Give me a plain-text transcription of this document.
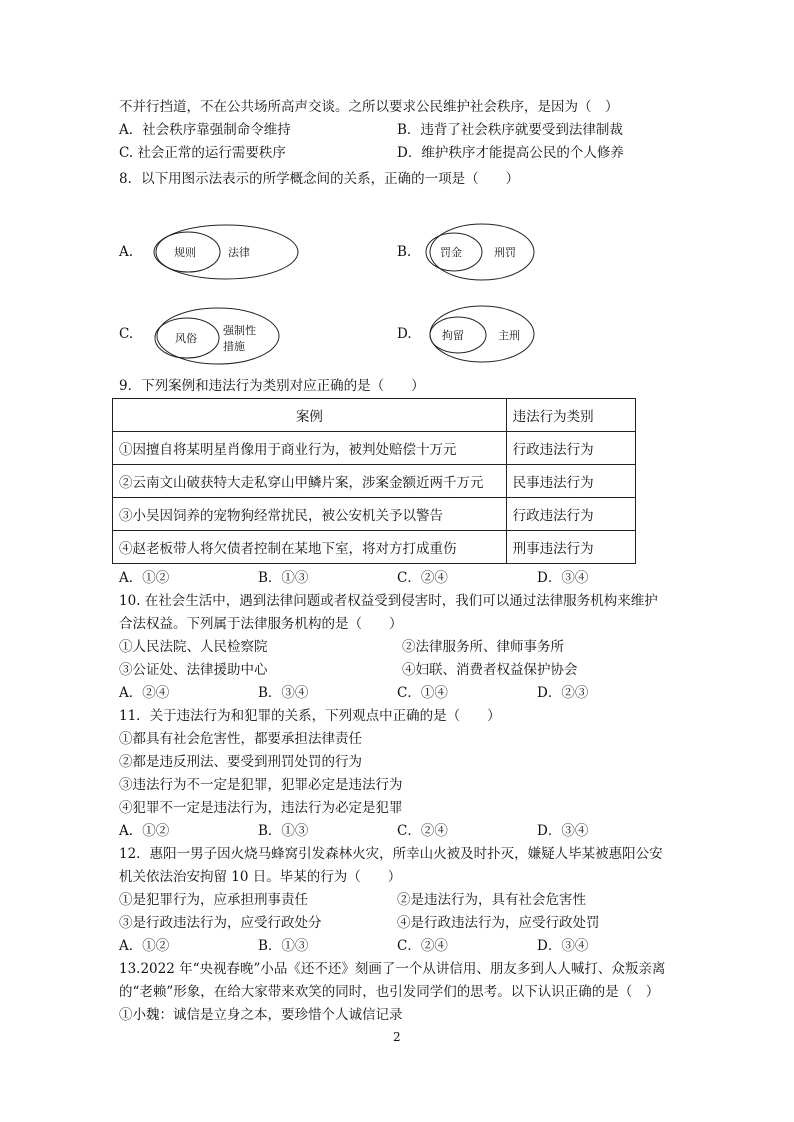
不并行挡道，不在公共场所高声交谈。之所以要求公民维护社会秩序，是因为（　）
A．社会秩序靠强制命令维持	B．违背了社会秩序就要受到法律制裁
C. 社会正常的运行需要秩序	D．维护秩序才能提高公民的个人修养
8．以下用图示法表示的所学概念间的关系，正确的一项是（　　）
A.	规则	法律	B.	罚金	刑罚
C.	风俗
强制性
措施
D.	拘留	主刑
9．下列案例和违法行为类别对应正确的是（　　）
案例	违法行为类别
①因擅自将某明星肖像用于商业行为，被判处赔偿十万元	行政违法行为
②云南文山破获特大走私穿山甲鳞片案，涉案金额近两千万元	民事违法行为
③小吴因饲养的宠物狗经常扰民，被公安机关予以警告	行政违法行为
④赵老板带人将欠债者控制在某地下室，将对方打成重伤	刑事违法行为
A．①②	B．①③	C．②④	D．③④
10. 在社会生活中，遇到法律问题或者权益受到侵害时，我们可以通过法律服务机构来维护
合法权益。下列属于法律服务机构的是（　　）
①人民法院、人民检察院	②法律服务所、律师事务所
③公证处、法律援助中心	④妇联、消费者权益保护协会
A．②④	B．③④	C．①④	D．②③
11．关于违法行为和犯罪的关系，下列观点中正确的是（　　）
①都具有社会危害性，都要承担法律责任
②都是违反刑法、要受到刑罚处罚的行为
③违法行为不一定是犯罪，犯罪必定是违法行为
④犯罪不一定是违法行为，违法行为必定是犯罪
A．①②	B．①③	C．②④	D．③④
12．惠阳一男子因火烧马蜂窝引发森林火灾，所幸山火被及时扑灭，嫌疑人毕某被惠阳公安
机关依法治安拘留 10 日。毕某的行为（　　）
①是犯罪行为，应承担刑事责任	②是违法行为，具有社会危害性
③是行政违法行为，应受行政处分	④是行政违法行为，应受行政处罚
A．①②	B．①③	C．②④	D．③④
13.2022 年“央视春晚”小品《还不还》刻画了一个从讲信用、朋友多到人人喊打、众叛亲离
的“老赖”形象，在给大家带来欢笑的同时，也引发同学们的思考。以下认识正确的是（　）
①小魏：诚信是立身之本，要珍惜个人诚信记录
2
